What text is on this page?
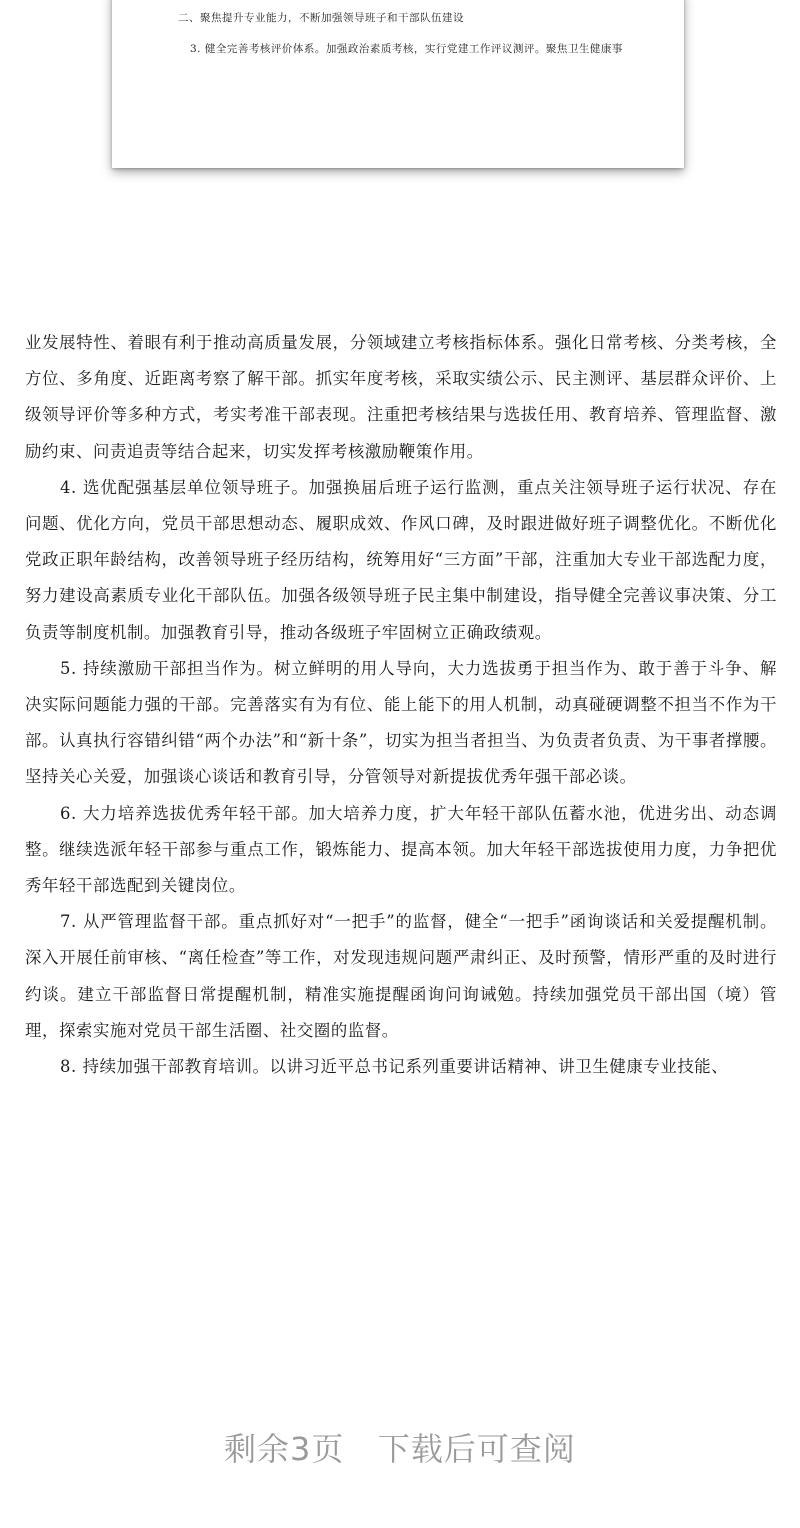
二、聚焦提升专业能力，不断加强领导班子和干部队伍建设
3. 健全完善考核评价体系。加强政治素质考核，实行党建工作评议测评。聚焦卫生健康事

业发展特性、着眼有利于推动高质量发展，分领域建立考核指标体系。强化日常考核、分类考核，全方位、多角度、近距离考察了解干部。抓实年度考核，采取实绩公示、民主测评、基层群众评价、上级领导评价等多种方式，考实考准干部表现。注重把考核结果与选拔任用、教育培养、管理监督、激励约束、问责追责等结合起来，切实发挥考核激励鞭策作用。

4. 选优配强基层单位领导班子。加强换届后班子运行监测，重点关注领导班子运行状况、存在问题、优化方向，党员干部思想动态、履职成效、作风口碑，及时跟进做好班子调整优化。不断优化党政正职年龄结构，改善领导班子经历结构，统筹用好“三方面”干部，注重加大专业干部选配力度，努力建设高素质专业化干部队伍。加强各级领导班子民主集中制建设，指导健全完善议事决策、分工负责等制度机制。加强教育引导，推动各级班子牢固树立正确政绩观。

5. 持续激励干部担当作为。树立鲜明的用人导向，大力选拔勇于担当作为、敢于善于斗争、解决实际问题能力强的干部。完善落实有为有位、能上能下的用人机制，动真碰硬调整不担当不作为干部。认真执行容错纠错“两个办法”和“新十条”，切实为担当者担当、为负责者负责、为干事者撑腰。坚持关心关爱，加强谈心谈话和教育引导，分管领导对新提拔优秀年强干部必谈。

6. 大力培养选拔优秀年轻干部。加大培养力度，扩大年轻干部队伍蓄水池，优进劣出、动态调整。继续选派年轻干部参与重点工作，锻炼能力、提高本领。加大年轻干部选拔使用力度，力争把优秀年轻干部选配到关键岗位。

7. 从严管理监督干部。重点抓好对“一把手”的监督，健全“一把手”函询谈话和关爱提醒机制。深入开展任前审核、“离任检查”等工作，对发现违规问题严肃纠正、及时预警，情形严重的及时进行约谈。建立干部监督日常提醒机制，精准实施提醒函询问询诫勉。持续加强党员干部出国（境）管理，探索实施对党员干部生活圈、社交圈的监督。

8. 持续加强干部教育培训。以讲习近平总书记系列重要讲话精神、讲卫生健康专业技能、

剩余3页   下载后可查阅
